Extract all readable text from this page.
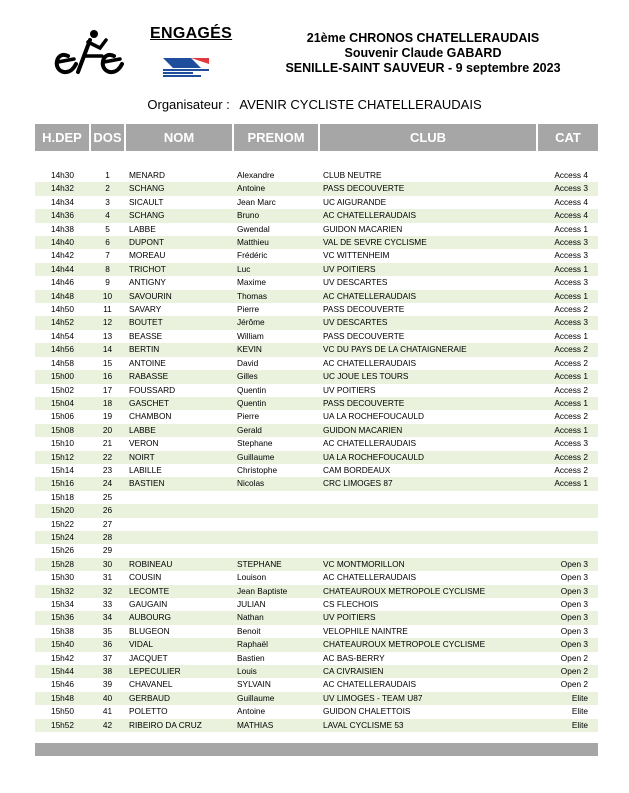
ENGAGÉS	21ème CHRONOS CHATELLERAUDAIS
Souvenir Claude GABARD
SENILLE-SAINT SAUVEUR - 9 septembre 2023
Organisateur : AVENIR CYCLISTE CHATELLERAUDAIS
H.DEP	DOS	NOM	PRENOM	CLUB	CAT

14h30	1	MENARD	Alexandre	CLUB NEUTRE	Access 4
14h32	2	SCHANG	Antoine	PASS DECOUVERTE	Access 3
14h34	3	SICAULT	Jean Marc	UC AIGURANDE	Access 4
14h36	4	SCHANG	Bruno	AC CHATELLERAUDAIS	Access 4
14h38	5	LABBE	Gwendal	GUIDON MACARIEN	Access 1
14h40	6	DUPONT	Matthieu	VAL DE SEVRE CYCLISME	Access 3
14h42	7	MOREAU	Frédéric	VC WITTENHEIM	Access 3
14h44	8	TRICHOT	Luc	UV POITIERS	Access 1
14h46	9	ANTIGNY	Maxime	UV DESCARTES	Access 3
14h48	10	SAVOURIN	Thomas	AC CHATELLERAUDAIS	Access 1
14h50	11	SAVARY	Pierre	PASS DECOUVERTE	Access 2
14h52	12	BOUTET	Jérôme	UV DESCARTES	Access 3
14h54	13	BEASSE	William	PASS DECOUVERTE	Access 1
14h56	14	BERTIN	KEVIN	VC DU PAYS DE LA CHATAIGNERAIE	Access 2
14h58	15	ANTOINE	David	AC CHATELLERAUDAIS	Access 2
15h00	16	RABASSE	Gilles	UC JOUE LES TOURS	Access 1
15h02	17	FOUSSARD	Quentin	UV POITIERS	Access 2
15h04	18	GASCHET	Quentin	PASS DECOUVERTE	Access 1
15h06	19	CHAMBON	Pierre	UA LA ROCHEFOUCAULD	Access 2
15h08	20	LABBE	Gerald	GUIDON MACARIEN	Access 1
15h10	21	VERON	Stephane	AC CHATELLERAUDAIS	Access 3
15h12	22	NOIRT	Guillaume	UA LA ROCHEFOUCAULD	Access 2
15h14	23	LABILLE	Christophe	CAM BORDEAUX	Access 2
15h16	24	BASTIEN	Nicolas	CRC LIMOGES 87	Access 1
15h18	25				
15h20	26				
15h22	27				
15h24	28				
15h26	29				
15h28	30	ROBINEAU	STEPHANE	VC MONTMORILLON	Open 3
15h30	31	COUSIN	Louison	AC CHATELLERAUDAIS	Open 3
15h32	32	LECOMTE	Jean Baptiste	CHATEAUROUX METROPOLE CYCLISME	Open 3
15h34	33	GAUGAIN	JULIAN	CS FLECHOIS	Open 3
15h36	34	AUBOURG	Nathan	UV POITIERS	Open 3
15h38	35	BLUGEON	Benoit	VELOPHILE NAINTRE	Open 3
15h40	36	VIDAL	Raphaël	CHATEAUROUX METROPOLE CYCLISME	Open 3
15h42	37	JACQUET	Bastien	AC BAS-BERRY	Open 2
15h44	38	LEPECULIER	Louis	CA CIVRAISIEN	Open 2
15h46	39	CHAVANEL	SYLVAIN	AC CHATELLERAUDAIS	Open 2
15h48	40	GERBAUD	Guillaume	UV LIMOGES - TEAM U87	Elite
15h50	41	POLETTO	Antoine	GUIDON CHALETTOIS	Elite
15h52	42	RIBEIRO DA CRUZ	MATHIAS	LAVAL CYCLISME 53	Elite
